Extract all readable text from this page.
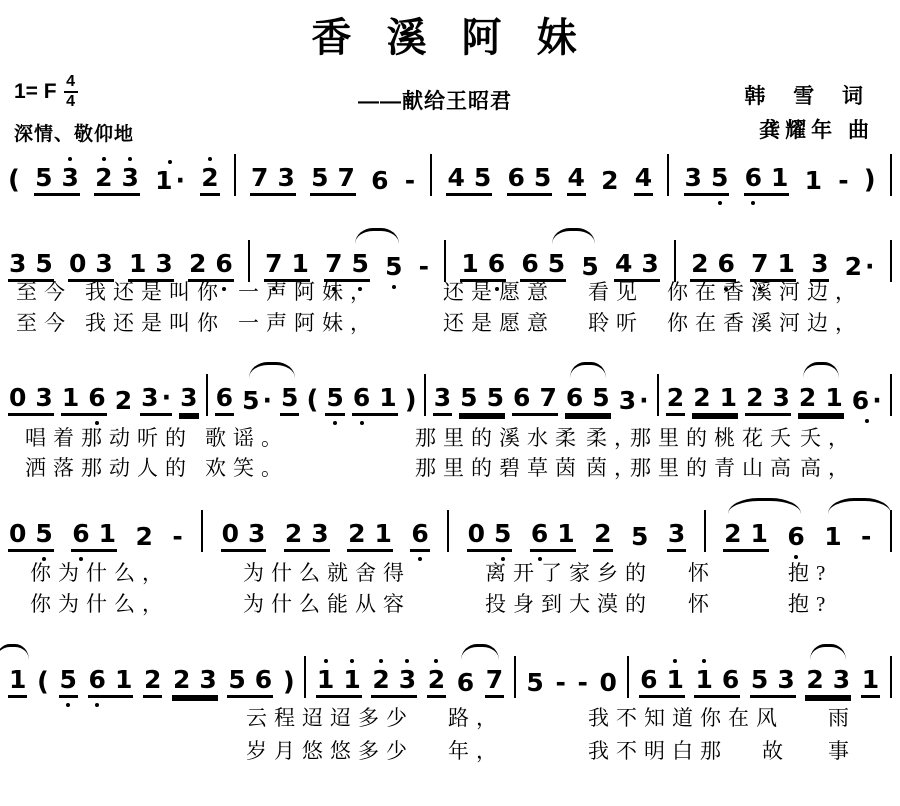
香 溪 阿 妹
1= F $\frac{4}{4}$	——献给王昭君	韩 雪 词
龚耀年 曲
深情、敬仰地
( 5 3 2 3 1 · 2 7 3 5 7 6 - 4 5 6 5 4 2 4 3 5 6 1 1 - )
3 5 0 3 1 3 2 6 7 1 7 5 5 - 1 6 6 5 5 4 3 2 6 7 1 3 2 ·
至今 我还是叫你 一声阿妹，	还是愿意 看见 你在香溪河边，
至今 我还是叫你 一声阿妹，	还是愿意 聆听 你在香溪河边，
0 3 1 6 2 3 · 3 6 5 · 5 ( 5 6 1 ) 3 5 5 6 7 6 5 3 · 2 2 1 2 3 2 1 6 ·
唱着那动听的 歌谣。	那里的溪水柔 柔，
那里的桃花夭 夭，
洒落那动人的 欢笑。	那里的碧草茵 茵，
那里的青山高 高，
0 5 6 1 2 - 0 3 2 3 2 1 6 0 5 6 1 2 5 3 2 1 6 1 -
你为什么，	为什么就舍得	离开了家乡的 怀	抱?
你为什么，	为什么能从容	投身到大漠的 怀	抱?
1 ( 5 6 1 2 2 3 5 6 ) 1 1 2 3 2 6 7 5 - - 0 6 1 1 6 5 3 2 3 1
云程迢迢多少 路，	我不知道你在风 雨
岁月悠悠多少 年，	我不明白那 故 事
